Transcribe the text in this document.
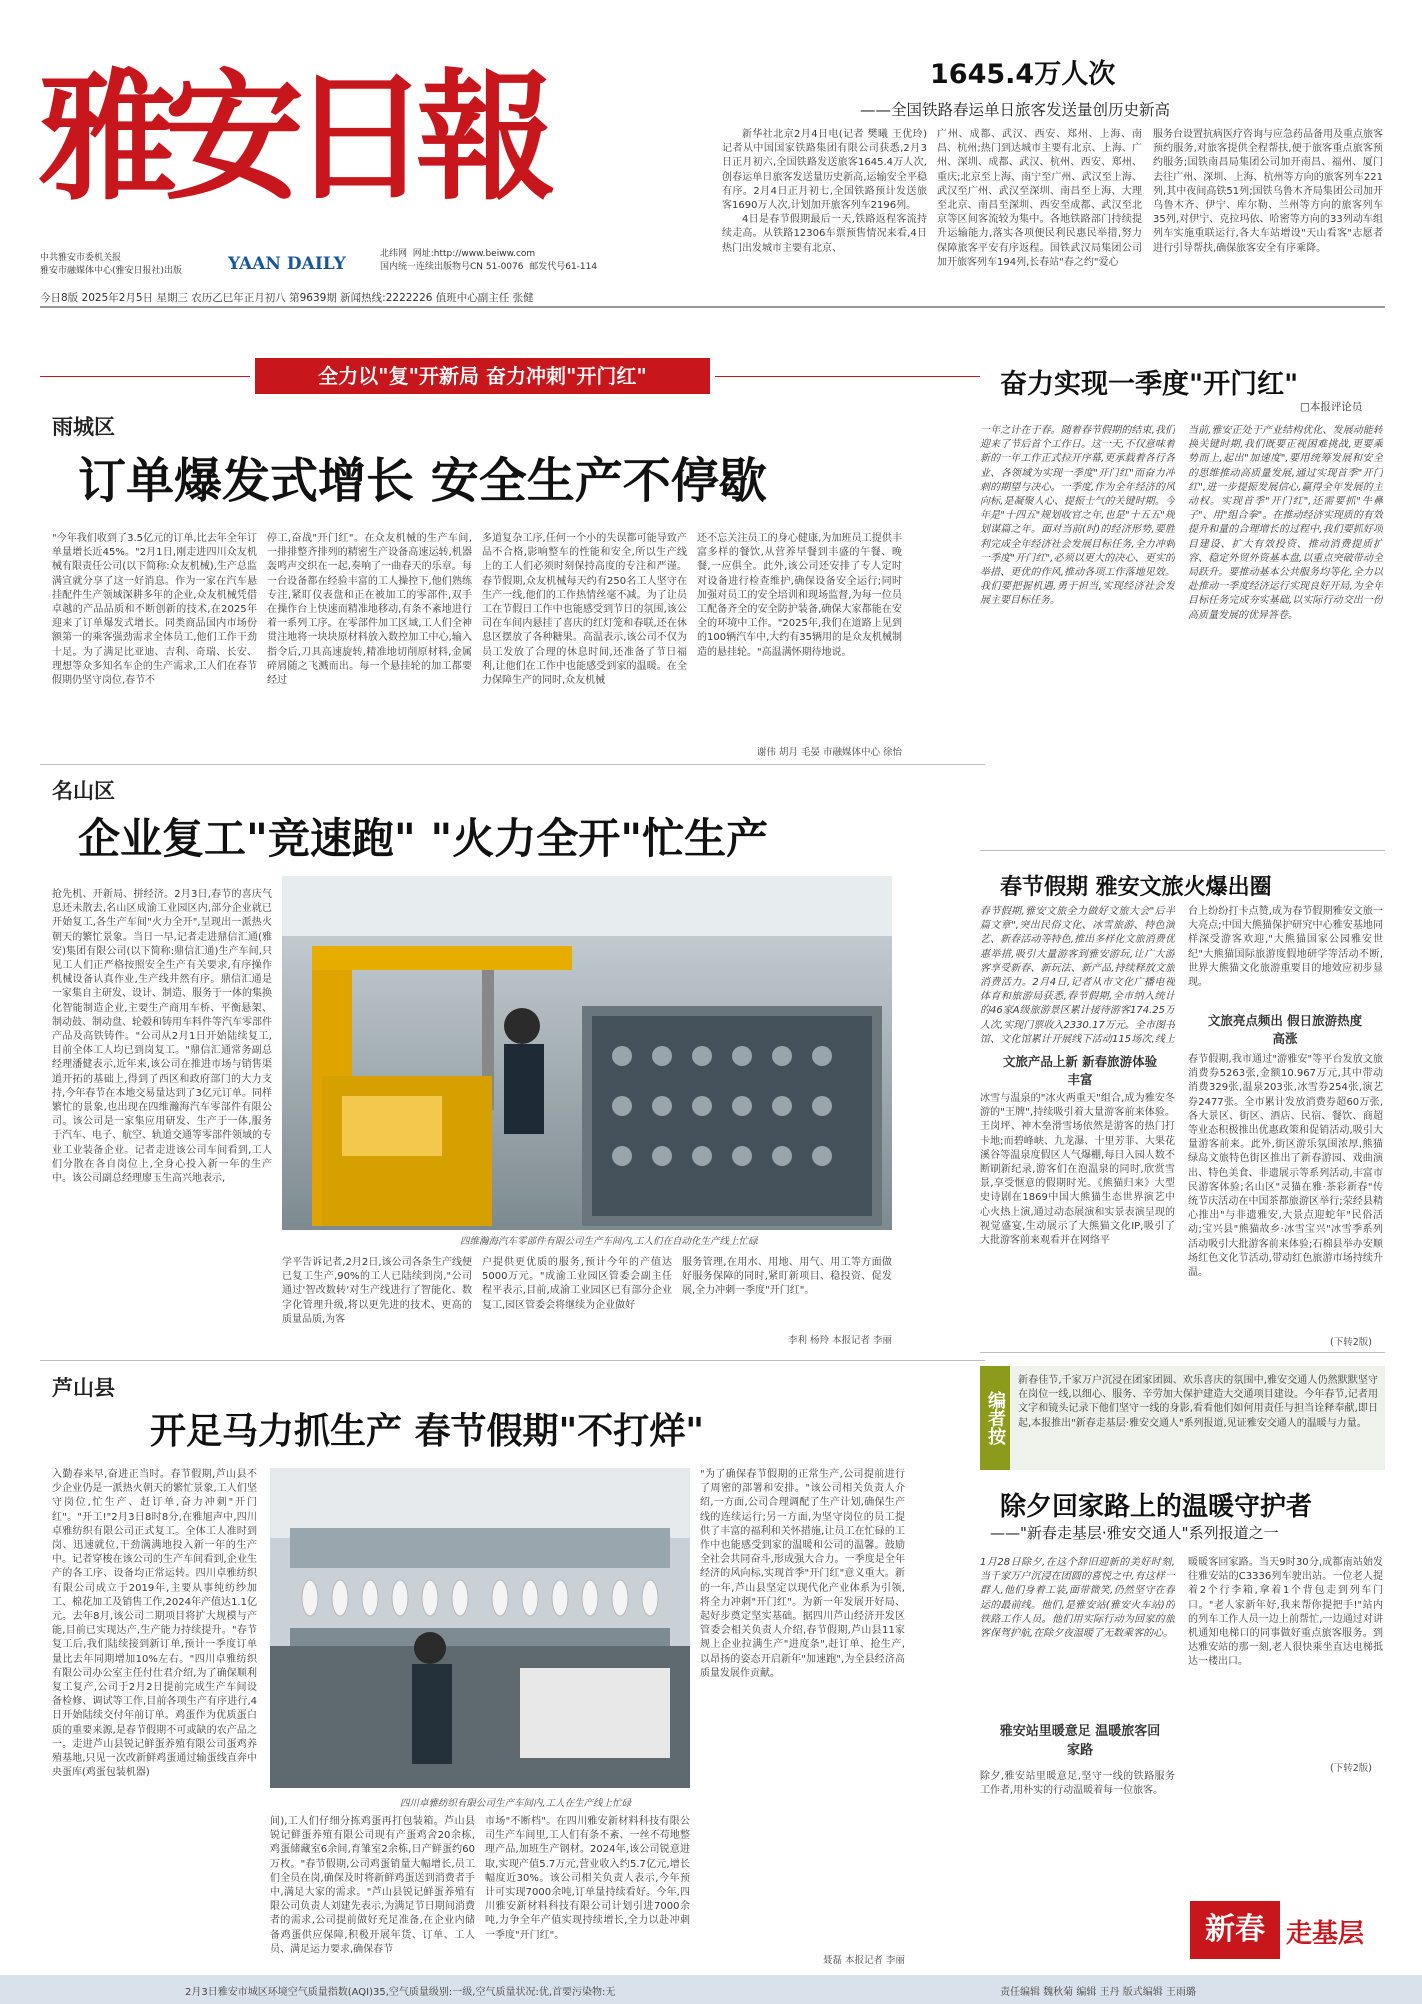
雅安日報
中共雅安市委机关报
雅安市融媒体中心(雅安日报社)出版	YAAN DAILY	北纬网 网址:http://www.beiww.com
国内统一连续出版物号CN 51-0076 邮发代号61-114
今日8版 2025年2月5日 星期三 农历乙巳年正月初八 第9639期 新闻热线:2222226 值班中心副主任 张健
1645.4万人次
——全国铁路春运单日旅客发送量创历史新高

新华社北京2月4日电(记者 樊曦 王优玲)记者从中国国家铁路集团有限公司获悉,2月3日正月初六,全国铁路发送旅客1645.4万人次,创春运单日旅客发送量历史新高,运输安全平稳有序。2月4日正月初七,全国铁路预计发送旅客1690万人次,计划加开旅客列车2196列。

4日是春节假期最后一天,铁路返程客流持续走高。从铁路12306车票预售情况来看,4日热门出发城市主要有北京、

广州、成都、武汉、西安、郑州、上海、南昌、杭州;热门到达城市主要有北京、上海、广州、深圳、成都、武汉、杭州、西安、郑州、重庆;北京至上海、南宁至广州、武汉至上海、武汉至广州、武汉至深圳、南昌至上海、大理至北京、南昌至深圳、西安至成都、武汉至北京等区间客流较为集中。各地铁路部门持续提升运输能力,落实各项便民利民惠民举措,努力保障旅客平安有序返程。国铁武汉局集团公司加开旅客列车194列,长春站"春之约"爱心
服务台设置抗病医疗咨询与应急药品备用及重点旅客预约服务,对旅客提供全程帮扶,便于旅客重点旅客预约服务;国铁南昌局集团公司加开南昌、福州、厦门去往广州、深圳、上海、杭州等方向的旅客列车221列,其中夜间高铁51列;国铁乌鲁木齐局集团公司加开乌鲁木齐、伊宁、库尔勒、兰州等方向的旅客列车35列,对伊宁、克拉玛依、哈密等方向的33列动车组列车实施重联运行,各大车站增设"天山看客"志愿者进行引导帮扶,确保旅客安全有序乘降。
全力以"复"开新局 奋力冲刺"开门红"
雨城区
订单爆发式增长 安全生产不停歇
"今年我们收到了3.5亿元的订单,比去年全年订单量增长近45%。"2月1日,刚走进四川众友机械有限责任公司(以下简称:众友机械),生产总监满宣就分享了这一好消息。作为一家在汽车悬挂配件生产领域深耕多年的企业,众友机械凭借卓越的产品品质和不断创新的技术,在2025年迎来了订单爆发式增长。同类商品国内市场份额第一的乘客强劲需求全体员工,他们工作干劲十足。为了满足比亚迪、吉利、奇瑞、长安、理想等众多知名车企的生产需求,工人们在春节假期仍坚守岗位,春节不
停工,奋战"开门红"。在众友机械的生产车间,一排排整齐排列的精密生产设备高速运转,机器轰鸣声交织在一起,奏响了一曲春天的乐章。每一台设备都在经验丰富的工人操控下,他们熟练专注,紧盯仪表盘和正在被加工的零部件,双手在操作台上快速而精准地移动,有条不紊地进行着一系列工序。在零部件加工区域,工人们全神贯注地将一块块原材料放入数控加工中心,输入指令后,刀具高速旋转,精准地切削原材料,金属碎屑随之飞溅而出。每一个悬挂轮的加工都要经过
多道复杂工序,任何一个小的失误都可能导致产品不合格,影响整车的性能和安全,所以生产线上的工人们必须时刻保持高度的专注和严谨。春节假期,众友机械每天约有250名工人坚守在生产一线,他们的工作热情丝毫不减。为了让员工在节假日工作中也能感受到节日的氛围,该公司在车间内悬挂了喜庆的红灯笼和春联,还在休息区摆放了各种糖果。高温表示,该公司不仅为员工发放了合理的休息时间,还准备了节日福利,让他们在工作中也能感受到家的温暖。在全力保障生产的同时,众友机械
还不忘关注员工的身心健康,为加班员工提供丰富多样的餐饮,从营养早餐到丰盛的午餐、晚餐,一应俱全。此外,该公司还安排了专人定时对设备进行检查维护,确保设备安全运行;同时加强对员工的安全培训和现场监督,为每一位员工配备齐全的安全防护装备,确保大家都能在安全的环境中工作。"2025年,我们在道路上见到的100辆汽车中,大约有35辆用的是众友机械制造的悬挂轮。"高温满怀期待地说。
谢伟 胡月 毛晏 市融媒体中心 徐怡
奋力实现一季度"开门红"
□本报评论员
一年之计在于春。随着春节假期的结束,我们迎来了节后首个工作日。这一天,不仅意味着新的一年工作正式拉开序幕,更承载着各行各业、各领域为实现一季度"开门红"而奋力冲刺的期望与决心。一季度,作为全年经济的风向标,是凝聚人心、提振士气的关键时期。今年是"十四五"规划收官之年,也是"十五五"规划谋篇之年。面对当前(时)的经济形势,要胜利完成全年经济社会发展目标任务,全力冲刺一季度"开门红",必须以更大的决心、更实的举措、更优的作风,推动各项工作落地见效。我们要把握机遇,勇于担当,实现经济社会发展主要目标任务。
当前,雅安正处于产业结构优化、发展动能转换关键时期,我们既要正视困难挑战,更要乘势而上,起出"加速度",要用统筹发展和安全的思维推动高质量发展,通过实现首季"开门红",进一步提振发展信心,赢得全年发展的主动权。实现首季"开门红",还需要抓"牛鼻子"、用"组合拳"。在推动经济实现质的有效提升和量的合理增长的过程中,我们要抓好项目建设、扩大有效投资、推动消费提质扩容、稳定外贸外资基本盘,以重点突破带动全局跃升。要推动基本公共服务均等化,全力以赴推动一季度经济运行实现良好开局,为全年目标任务完成夯实基础,以实际行动交出一份高质量发展的优异答卷。
名山区
企业复工"竞速跑" "火力全开"忙生产
抢先机、开新局、拼经济。2月3日,春节的喜庆气息还未散去,名山区成渝工业园区内,部分企业就已开始复工,各生产车间"火力全开",呈现出一派热火朝天的繁忙景象。当日一早,记者走进鼎信汇通(雅安)集团有限公司(以下简称:鼎信汇通)生产车间,只见工人们正严格按照安全生产有关要求,有序操作机械设备认真作业,生产线井然有序。鼎信汇通是一家集自主研发、设计、制造、服务于一体的集换化智能制造企业,主要生产商用车桥、平衡悬架、制动鼓、制动盘、轮毂和铸用车料件等汽车零部件产品及高铁铸件。"公司从2月1日开始陆续复工,目前全体工人均已到岗复工。"鼎信汇通常务副总经理潘健表示,近年来,该公司在推进市场与销售渠道开拓的基础上,得到了西区和政府部门的大力支持,今年春节在本地交易量达到了3亿元订单。同样繁忙的景象,也出现在四维瀚海汽车零部件有限公司。该公司是一家集应用研发、生产于一体,服务于汽车、电子、航空、轨道交通等零部件领域的专业工业装备企业。记者走进该公司车间看到,工人们分散在各自岗位上,全身心投入新一年的生产中。该公司副总经理廖玉生高兴地表示,
四维瀚海汽车零部件有限公司生产车间内,工人们在自动化生产线上忙碌
学平告诉记者,2月2日,该公司各条生产线便已复工生产,90%的工人已陆续到岗,"公司通过'智改数转'对生产线进行了智能化、数字化管理升级,将以更先进的技术、更高的质量品质,为客
户提供更优质的服务,预计今年的产值达5000万元。"成渝工业园区管委会副主任程平表示,目前,成渝工业园区已有部分企业复工,园区管委会将继续为企业做好
服务管理,在用水、用地、用气、用工等方面做好服务保障的同时,紧盯新项目、稳投资、促发展,全力冲刺一季度"开门红"。
李利 杨羚 本报记者 李丽
春节假期 雅安文旅火爆出圈
春节假期,雅安文旅全力做好文旅大会"后半篇文章",突出民俗文化、冰雪旅游、特色演艺、新春活动等特色,推出多样化文旅消费优惠举措,吸引大量游客到雅安游玩,让广大游客享受新春、新玩法、新产品,持续释放文旅消费活力。2月4日,记者从市文化广播电视体育和旅游局获悉,春节假期,全市纳入统计的46家A级旅游景区累计接待游客174.25万人次,实现门票收入2330.17万元。全市图书馆、文化馆累计开展线下活动115场次,线上
文旅产品上新 新春旅游体验丰富
冰雪与温泉的"冰火两重天"组合,成为雅安冬游的"王牌",持续吸引着大量游客前来体验。王岗坪、神木垒滑雪场依然是游客的热门打卡地;而碧峰峡、九龙瀑、十里芳菲、大果花溪谷等温泉度假区人气爆棚,每日入园人数不断刷新纪录,游客们在泡温泉的同时,欣赏雪景,享受惬意的假期时光。《熊猫归来》大型史诗剧在1869中国大熊猫生态世界演艺中心火热上演,通过动态展演和实景表演呈现的视觉盛宴,生动展示了大熊猫文化IP,吸引了大批游客前来观看并在网络平
台上纷纷打卡点赞,成为春节假期雅安文旅一大亮点;中国大熊猫保护研究中心雅安基地同样深受游客欢迎,"大熊猫国家公园雅安世纪"大熊猫国际旅游度假地研学等活动不断,世界大熊猫文化旅游重要目的地效应初步显现。
文旅亮点频出 假日旅游热度高涨
春节假期,我市通过"游雅安"等平台发放文旅消费券5263张,金额10.967万元,其中带动消费329张,温泉203张,冰雪券254张,演艺券2477张。全市累计发放消费券超60万张,各大景区、街区、酒店、民宿、餐饮、商超等业态积极推出优惠政策和促销活动,吸引大量游客前来。此外,街区游乐氛围浓厚,熊猫绿岛文旅特色街区推出了新春游园、戏曲演出、特色美食、非遗展示等系列活动,丰富市民游客体验;名山区"灵猫在雅·茶彩新春"传统节庆活动在中国茶都旅游区举行;荥经县精心推出"与非遗雅安,大景点迎蛇年"民俗活动;宝兴县"熊猫故乡·冰雪宝兴"冰雪季系列活动吸引大批游客前来体验;石棉县举办安顺场红色文化节活动,带动红色旅游市场持续升温。
(下转2版)
芦山县
开足马力抓生产 春节假期"不打烊"
入勤春来早,奋进正当时。春节假期,芦山县不少企业仍是一派热火朝天的繁忙景象,工人们坚守岗位,忙生产、赶订单,奋力冲刺"开门红"。"开工!"2月3日8时8分,在雅旭声中,四川卓雅纺织有限公司正式复工。全体工人准时到岗、迅速就位,干劲满满地投入新一年的生产中。记者穿梭在该公司的生产车间看到,企业生产的各工序、设备均正常运转。四川卓雅纺织有限公司成立于2019年,主要从事纯纺纱加工、棉花加工及销售工作,2024年产值达1.1亿元。去年8月,该公司二期项目将扩大规模与产能,目前已实现达产,生产能力持续提升。"春节复工后,我们陆续接到新订单,预计一季度订单量比去年同期增加10%左右。"四川卓雅纺织有限公司办公室主任付仕君介绍,为了确保顺利复工复产,公司于2月2日提前完成生产车间设备检修、调试等工作,目前各项生产有序进行,4日开始陆续交付年前订单。鸡蛋作为优质蛋白质的重要来源,是春节假期不可或缺的农产品之一。走进芦山县锐记鲜蛋养殖有限公司蛋鸡养殖基地,只见一次改新鲜鸡蛋通过输蛋线直奔中央蛋库(鸡蛋包装机器)
四川卓雅纺织有限公司生产车间内,工人在生产线上忙碌
间),工人们仔细分拣鸡蛋再打包装箱。芦山县锐记鲜蛋养殖有限公司现有产蛋鸡舍20余栋,鸡蛋储藏室6余间,育雏室2余栋,日产鲜蛋约60万枚。"春节假期,公司鸡蛋销量大幅增长,员工们全员在岗,确保及时将新鲜鸡蛋送到消费者手中,满足大家的需求。"芦山县锐记鲜蛋养殖有限公司负责人刘建先表示,为满足节日期间消费者的需求,公司提前做好充足准备,在企业内储备鸡蛋供应保障,积极开展年货、订单、工人员、满足运力要求,确保春节
市场"不断档"。在四川雅安新材料科技有限公司生产车间里,工人们有条不紊、一丝不苟地整理产品,加班生产钢材。2024年,该公司锐意进取,实现产值5.7万元,营业收入约5.7亿元,增长幅度近30%。该公司相关负责人表示,今年预计可实现7000余吨,订单量持续看好。今年,四川雅安新材料科技有限公司计划引进7000余吨,力争全年产值实现持续增长,全力以赴冲刺一季度"开门红"。
"为了确保春节假期的正常生产,公司提前进行了周密的部署和安排。"该公司相关负责人介绍,一方面,公司合理调配了生产计划,确保生产线的连续运行;另一方面,为坚守岗位的员工提供了丰富的福利和关怀措施,让员工在忙碌的工作中也能感受到家的温暖和公司的温馨。鼓励全社会共同奋斗,形成强大合力。一季度是全年经济的风向标,实现首季"开门红"意义重大。新的一年,芦山县坚定以现代化产业体系为引领,将全力冲刺"开门红"。为新一年发展开好局、起好步奠定坚实基础。据四川芦山经济开发区管委会相关负责人介绍,春节假期,芦山县11家规上企业拉满生产"进度条",赶订单、抢生产,以昂扬的姿态开启新年"加速跑",为全县经济高质量发展作贡献。
聂磊 本报记者 李丽
编者按
新春佳节,千家万户沉浸在团家团圆、欢乐喜庆的氛围中,雅安交通人仍然默默坚守在岗位一线,以细心、服务、辛劳加大保护建造大交通项目建设。今年春节,记者用文字和镜头记录下他们坚守一线的身影,看看他们如何用责任与担当诠释奉献,即日起,本报推出"新春走基层·雅安交通人"系列报道,见证雅安交通人的温暖与力量。
除夕回家路上的温暖守护者
——"新春走基层·雅安交通人"系列报道之一
1月28日除夕,在这个辞旧迎新的美好时刻,当千家万户沉浸在团圆的喜悦之中,有这样一群人,他们身着工装,面带微笑,仍然坚守在春运的最前线。他们,是雅安站(雅安火车站)的铁路工作人员。他们用实际行动为回家的旅客保驾护航,在除夕夜温暖了无数乘客的心。
雅安站里暖意足 温暖旅客回家路
除夕,雅安站里暖意足,坚守一线的铁路服务工作者,用朴实的行动温暖着每一位旅客。
暖暖客回家路。当天9时30分,成都南站始发往雅安站的C3336列车驶出站。一位老人提着2个行李箱,拿着1个背包走到列车门口。"老人家新年好,我来帮你提把手!"站内的列车工作人员一边上前帮忙,一边通过对讲机通知电梯口的同事做好重点旅客服务。到达雅安站的那一刻,老人很快乘坐直达电梯抵达一楼出口。
(下转2版)
新春 走基层
2月3日雅安市城区环境空气质量指数(AQI)35,空气质量级别:一级,空气质量状况:优,首要污染物:无	责任编辑 魏秋菊 编辑 王丹 版式编辑 王雨璐
